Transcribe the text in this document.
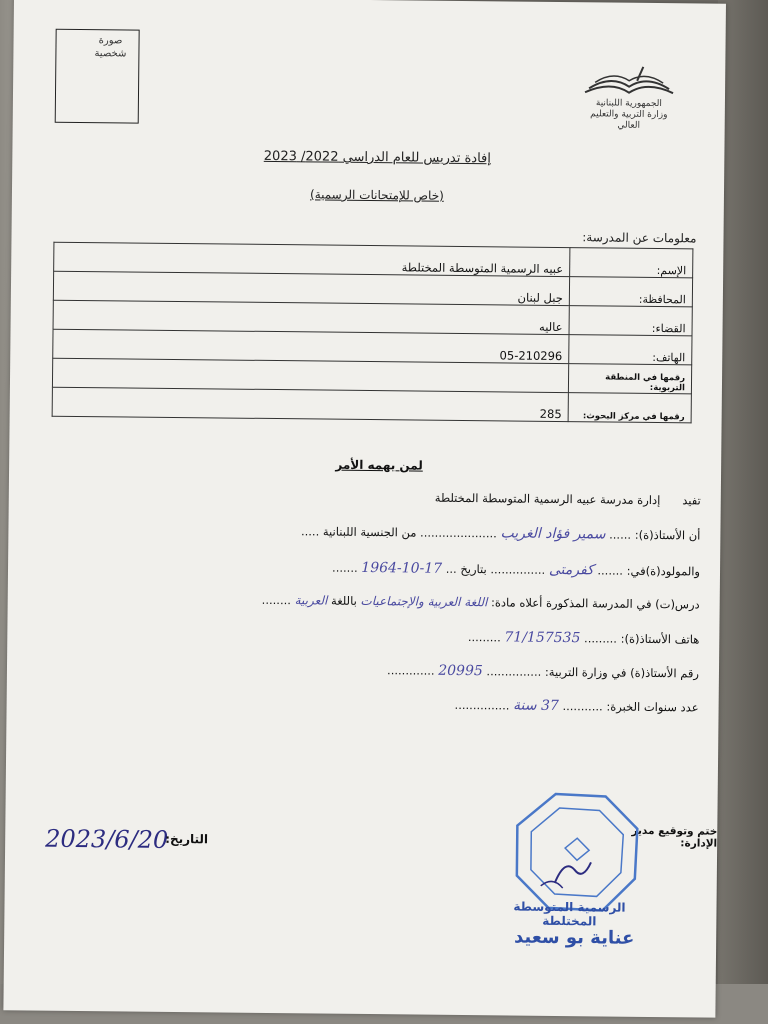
صورة
شخصية
الجمهورية اللبنانية
وزارة التربية والتعليم العالي
إفادة تدريس للعام الدراسي 2022/ 2023
(خاص للإمتحانات الرسمية)
معلومات عن المدرسة:
الإسم:	عبيه الرسمية المتوسطة المختلطة
المحافظة:	جبل لبنان
القضاء:	عاليه
الهاتف:	05-210296
رقمها في المنطقة التربوية:	
رقمها في مركز البحوث:	285
لمن يهمه الأمر
تفيد      إدارة مدرسة عبيه الرسمية المتوسطة المختلطة
أن الأستاذ(ة): ...... سمير فؤاد الغريب ..................... من الجنسية اللبنانية .....
والمولود(ة)في: ....... كفرمتى ............... بتاريخ ... 17-10-1964 .......
درس(ت) في المدرسة المذكورة أعلاه مادة: اللغة العربية والإجتماعيات باللغة العربية ........
هاتف الأستاذ(ة): ......... 71/157535 .........
رقم الأستاذ(ة) في وزارة التربية: ............... 20995 .............
عدد سنوات الخبرة: ........... 37 سنة ...............
2023/6/20
التاريخ:
ختم وتوقيع مدير الإدارة:
الرسمية المتوسطة المختلطة
عناية بو سعيد
